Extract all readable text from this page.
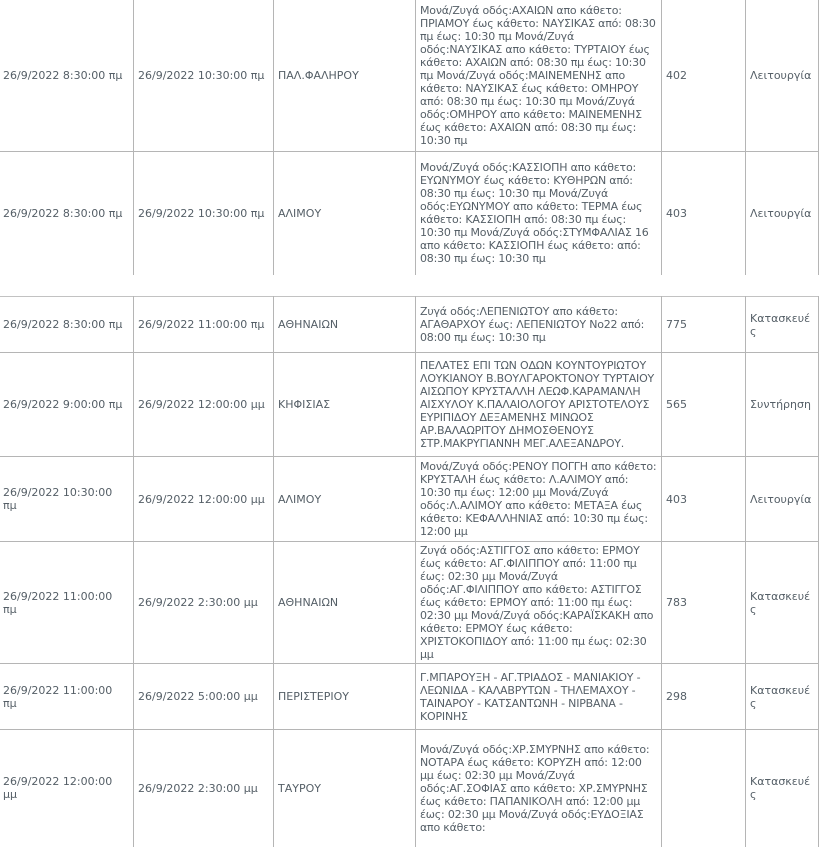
26/9/2022 8:30:00 πμ	26/9/2022 10:30:00 πμ	ΠΑΛ.ΦΑΛΗΡΟΥ	Μονά/Ζυγά οδός:ΑΧΑΙΩΝ απο κάθετο: ΠΡΙΑΜΟΥ έως κάθετο: ΝΑΥΣΙΚΑΣ από: 08:30 πμ έως: 10:30 πμ Μονά/Ζυγά οδός:ΝΑΥΣΙΚΑΣ απο κάθετο: ΤΥΡΤΑΙΟΥ έως κάθετο: ΑΧΑΙΩΝ από: 08:30 πμ έως: 10:30 πμ Μονά/Ζυγά οδός:ΜΑΙΝΕΜΕΝΗΣ απο κάθετο: ΝΑΥΣΙΚΑΣ έως κάθετο: ΟΜΗΡΟΥ από: 08:30 πμ έως: 10:30 πμ Μονά/Ζυγά οδός:ΟΜΗΡΟΥ απο κάθετο: ΜΑΙΝΕΜΕΝΗΣ έως κάθετο: ΑΧΑΙΩΝ από: 08:30 πμ έως: 10:30 πμ	402	Λειτουργία
26/9/2022 8:30:00 πμ	26/9/2022 10:30:00 πμ	ΑΛΙΜΟΥ	Μονά/Ζυγά οδός:ΚΑΣΣΙΟΠΗ απο κάθετο: ΕΥΩΝΥΜΟΥ έως κάθετο: ΚΥΘΗΡΩΝ από: 08:30 πμ έως: 10:30 πμ Μονά/Ζυγά οδός:ΕΥΩΝΥΜΟΥ απο κάθετο: ΤΕΡΜΑ έως κάθετο: ΚΑΣΣΙΟΠΗ από: 08:30 πμ έως: 10:30 πμ Μονά/Ζυγά οδός:ΣΤΥΜΦΑΛΙΑΣ 16 απο κάθετο: ΚΑΣΣΙΟΠΗ έως κάθετο: από: 08:30 πμ έως: 10:30 πμ	403	Λειτουργία
26/9/2022 8:30:00 πμ	26/9/2022 11:00:00 πμ	ΑΘΗΝΑΙΩΝ	Ζυγά οδός:ΛΕΠΕΝΙΩΤΟΥ απο κάθετο: ΑΓΑΘΑΡΧΟΥ έως: ΛΕΠΕΝΙΩΤΟΥ Νο22 από: 08:00 πμ έως: 10:30 πμ	775	Κατασκευές
26/9/2022 9:00:00 πμ	26/9/2022 12:00:00 μμ	ΚΗΦΙΣΙΑΣ	ΠΕΛΑΤΕΣ ΕΠΙ ΤΩΝ ΟΔΩΝ ΚΟΥΝΤΟΥΡΙΩΤΟΥ ΛΟΥΚΙΑΝΟΥ Β.ΒΟΥΛΓΑΡΟΚΤΟΝΟΥ ΤΥΡΤΑΙΟΥ ΑΙΣΩΠΟΥ ΚΡΥΣΤΑΛΛΗ ΛΕΩΦ.ΚΑΡΑΜΑΝΛΗ ΑΙΣΧΥΛΟΥ Κ.ΠΑΛΑΙΟΛΟΓΟΥ ΑΡΙΣΤΟΤΕΛΟΥΣ ΕΥΡΙΠΙΔΟΥ ΔΕΞΑΜΕΝΗΣ ΜΙΝΩΟΣ ΑΡ.ΒΑΛΑΩΡΙΤΟΥ ΔΗΜΟΣΘΕΝΟΥΣ ΣΤΡ.ΜΑΚΡΥΓΙΑΝΝΗ ΜΕΓ.ΑΛΕΞΑΝΔΡΟΥ.	565	Συντήρηση
26/9/2022 10:30:00 πμ	26/9/2022 12:00:00 μμ	ΑΛΙΜΟΥ	Μονά/Ζυγά οδός:ΡΕΝΟΥ ΠΟΓΓΗ απο κάθετο: ΚΡΥΣΤΑΛΗ έως κάθετο: Λ.ΑΛΙΜΟΥ από: 10:30 πμ έως: 12:00 μμ Μονά/Ζυγά οδός:Λ.ΑΛΙΜΟΥ απο κάθετο: ΜΕΤΑΞΑ έως κάθετο: ΚΕΦΑΛΛΗΝΙΑΣ από: 10:30 πμ έως: 12:00 μμ	403	Λειτουργία
26/9/2022 11:00:00 πμ	26/9/2022 2:30:00 μμ	ΑΘΗΝΑΙΩΝ	Ζυγά οδός:ΑΣΤΙΓΓΟΣ απο κάθετο: ΕΡΜΟΥ έως κάθετο: ΑΓ.ΦΙΛΙΠΠΟΥ από: 11:00 πμ έως: 02:30 μμ Μονά/Ζυγά οδός:ΑΓ.ΦΙΛΙΠΠΟΥ απο κάθετο: ΑΣΤΙΓΓΟΣ έως κάθετο: ΕΡΜΟΥ από: 11:00 πμ έως: 02:30 μμ Μονά/Ζυγά οδός:ΚΑΡΑΪΣΚΑΚΗ απο κάθετο: ΕΡΜΟΥ έως κάθετο: ΧΡΙΣΤΟΚΟΠΙΔΟΥ από: 11:00 πμ έως: 02:30 μμ	783	Κατασκευές
26/9/2022 11:00:00 πμ	26/9/2022 5:00:00 μμ	ΠΕΡΙΣΤΕΡΙΟΥ	Γ.ΜΠΑΡΟΥΞΗ - ΑΓ.ΤΡΙΑΔΟΣ - ΜΑΝΙΑΚΙΟΥ - ΛΕΩΝΙΔΑ - ΚΑΛΑΒΡΥΤΩΝ - ΤΗΛΕΜΑΧΟΥ - ΤΑΙΝΑΡΟΥ - ΚΑΤΣΑΝΤΩΝΗ - ΝΙΡΒΑΝΑ - ΚΟΡΙΝΗΣ	298	Κατασκευές
26/9/2022 12:00:00 μμ	26/9/2022 2:30:00 μμ	ΤΑΥΡΟΥ	Μονά/Ζυγά οδός:ΧΡ.ΣΜΥΡΝΗΣ απο κάθετο: ΝΟΤΑΡΑ έως κάθετο: ΚΟΡΥΖΗ από: 12:00 μμ έως: 02:30 μμ Μονά/Ζυγά οδός:ΑΓ.ΣΟΦΙΑΣ απο κάθετο: ΧΡ.ΣΜΥΡΝΗΣ έως κάθετο: ΠΑΠΑΝΙΚΟΛΗ από: 12:00 μμ έως: 02:30 μμ Μονά/Ζυγά οδός:ΕΥΔΟΞΙΑΣ απο κάθετο:		Κατασκευές
